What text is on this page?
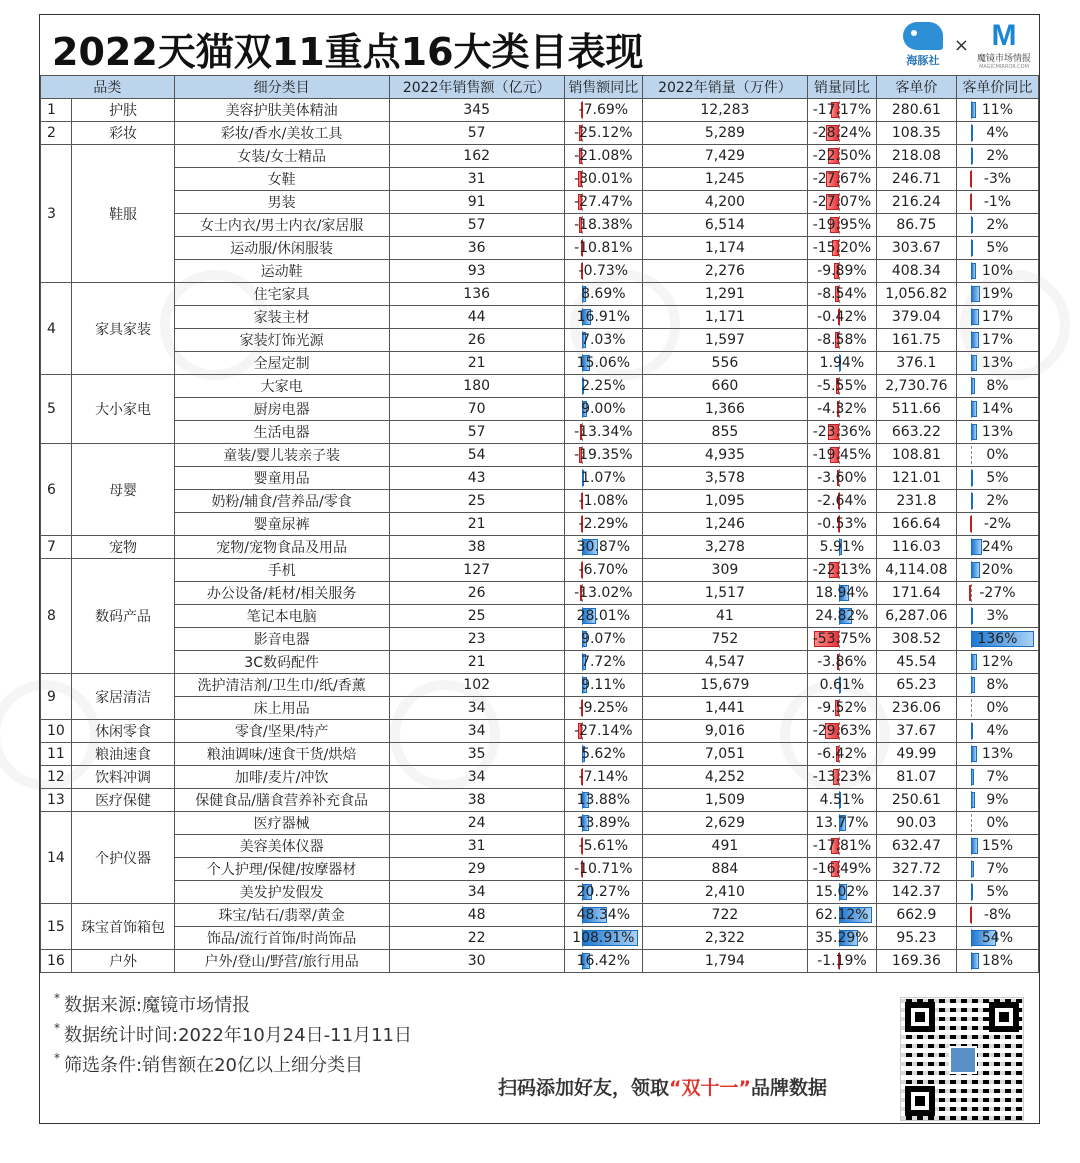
2022天猫双11重点16大类目表现	海豚社
× M
魔镜市场情报
MAGICMIRROR.COM
品类		细分类目	2022年销售额（亿元）	销售额同比	2022年销量（万件）	销量同比	客单价	客单价同比
1	护肤	美容护肤美体精油	345	-7.69%	12,283	-17.17%	280.61	11%
2	彩妆	彩妆/香水/美妆工具	57	-25.12%	5,289	-28.24%	108.35	4%
3	鞋服	女装/女士精品	162	-21.08%	7,429	-22.50%	218.08	2%
		女鞋	31	-30.01%	1,245	-27.67%	246.71	-3%
		男装	91	-27.47%	4,200	-27.07%	216.24	-1%
		女士内衣/男士内衣/家居服	57	-18.38%	6,514	-19.95%	86.75	2%
		运动服/休闲服装	36	-10.81%	1,174	-15.20%	303.67	5%
		运动鞋	93	-0.73%	2,276	-9.89%	408.34	10%
4	家具家装	住宅家具	136	8.69%	1,291	-8.54%	1,056.82	19%
		家装主材	44	16.91%	1,171	-0.42%	379.04	17%
		家装灯饰光源	26	7.03%	1,597	-8.58%	161.75	17%
		全屋定制	21	15.06%	556	1.94%	376.1	13%
5	大小家电	大家电	180	2.25%	660	-5.55%	2,730.76	8%
		厨房电器	70	9.00%	1,366	-4.32%	511.66	14%
		生活电器	57	-13.34%	855	-23.36%	663.22	13%
6	母婴	童装/婴儿装亲子装	54	-19.35%	4,935	-19.45%	108.81	0%
		婴童用品	43	1.07%	3,578	-3.60%	121.01	5%
		奶粉/辅食/营养品/零食	25	-1.08%	1,095	-2.64%	231.8	2%
		婴童尿裤	21	-2.29%	1,246	-0.53%	166.64	-2%
7	宠物	宠物/宠物食品及用品	38	30.87%	3,278	5.91%	116.03	24%
8	数码产品	手机	127	-6.70%	309	-22.13%	4,114.08	20%
		办公设备/耗材/相关服务	26	-13.02%	1,517	18.94%	171.64	-27%
		笔记本电脑	25	28.01%	41	24.82%	6,287.06	3%
		影音电器	23	9.07%	752	-53.75%	308.52	136%
		3C数码配件	21	7.72%	4,547	-3.86%	45.54	12%
9	家居清洁	洗护清洁剂/卫生巾/纸/香薰	102	9.11%	15,679	0.61%	65.23	8%
		床上用品	34	-9.25%	1,441	-9.52%	236.06	0%
10	休闲零食	零食/坚果/特产	34	-27.14%	9,016	-29.63%	37.67	4%
11	粮油速食	粮油调味/速食干货/烘焙	35	5.62%	7,051	-6.42%	49.99	13%
12	饮料冲调	加啡/麦片/冲饮	34	-7.14%	4,252	-13.23%	81.07	7%
13	医疗保健	保健食品/膳食营养补充食品	38	13.88%	1,509	4.51%	250.61	9%
14	个护仪器	医疗器械	24	13.89%	2,629	13.77%	90.03	0%
		美容美体仪器	31	-5.61%	491	-17.81%	632.47	15%
		个人护理/保健/按摩器材	29	-10.71%	884	-16.49%	327.72	7%
		美发护发假发	34	20.27%	2,410	15.02%	142.37	5%
15	珠宝首饰箱包	珠宝/钻石/翡翠/黄金	48	48.34%	722	62.12%	662.9	-8%
		饰品/流行首饰/时尚饰品	22	108.91%	2,322	35.29%	95.23	54%
16	户外	户外/登山/野营/旅行用品	30	16.42%	1,794	-1.19%	169.36	18%
* 数据来源:魔镜市场情报
* 数据统计时间:2022年10月24日-11月11日
* 筛选条件:销售额在20亿以上细分类目
扫码添加好友，领取“双十一”品牌数据
